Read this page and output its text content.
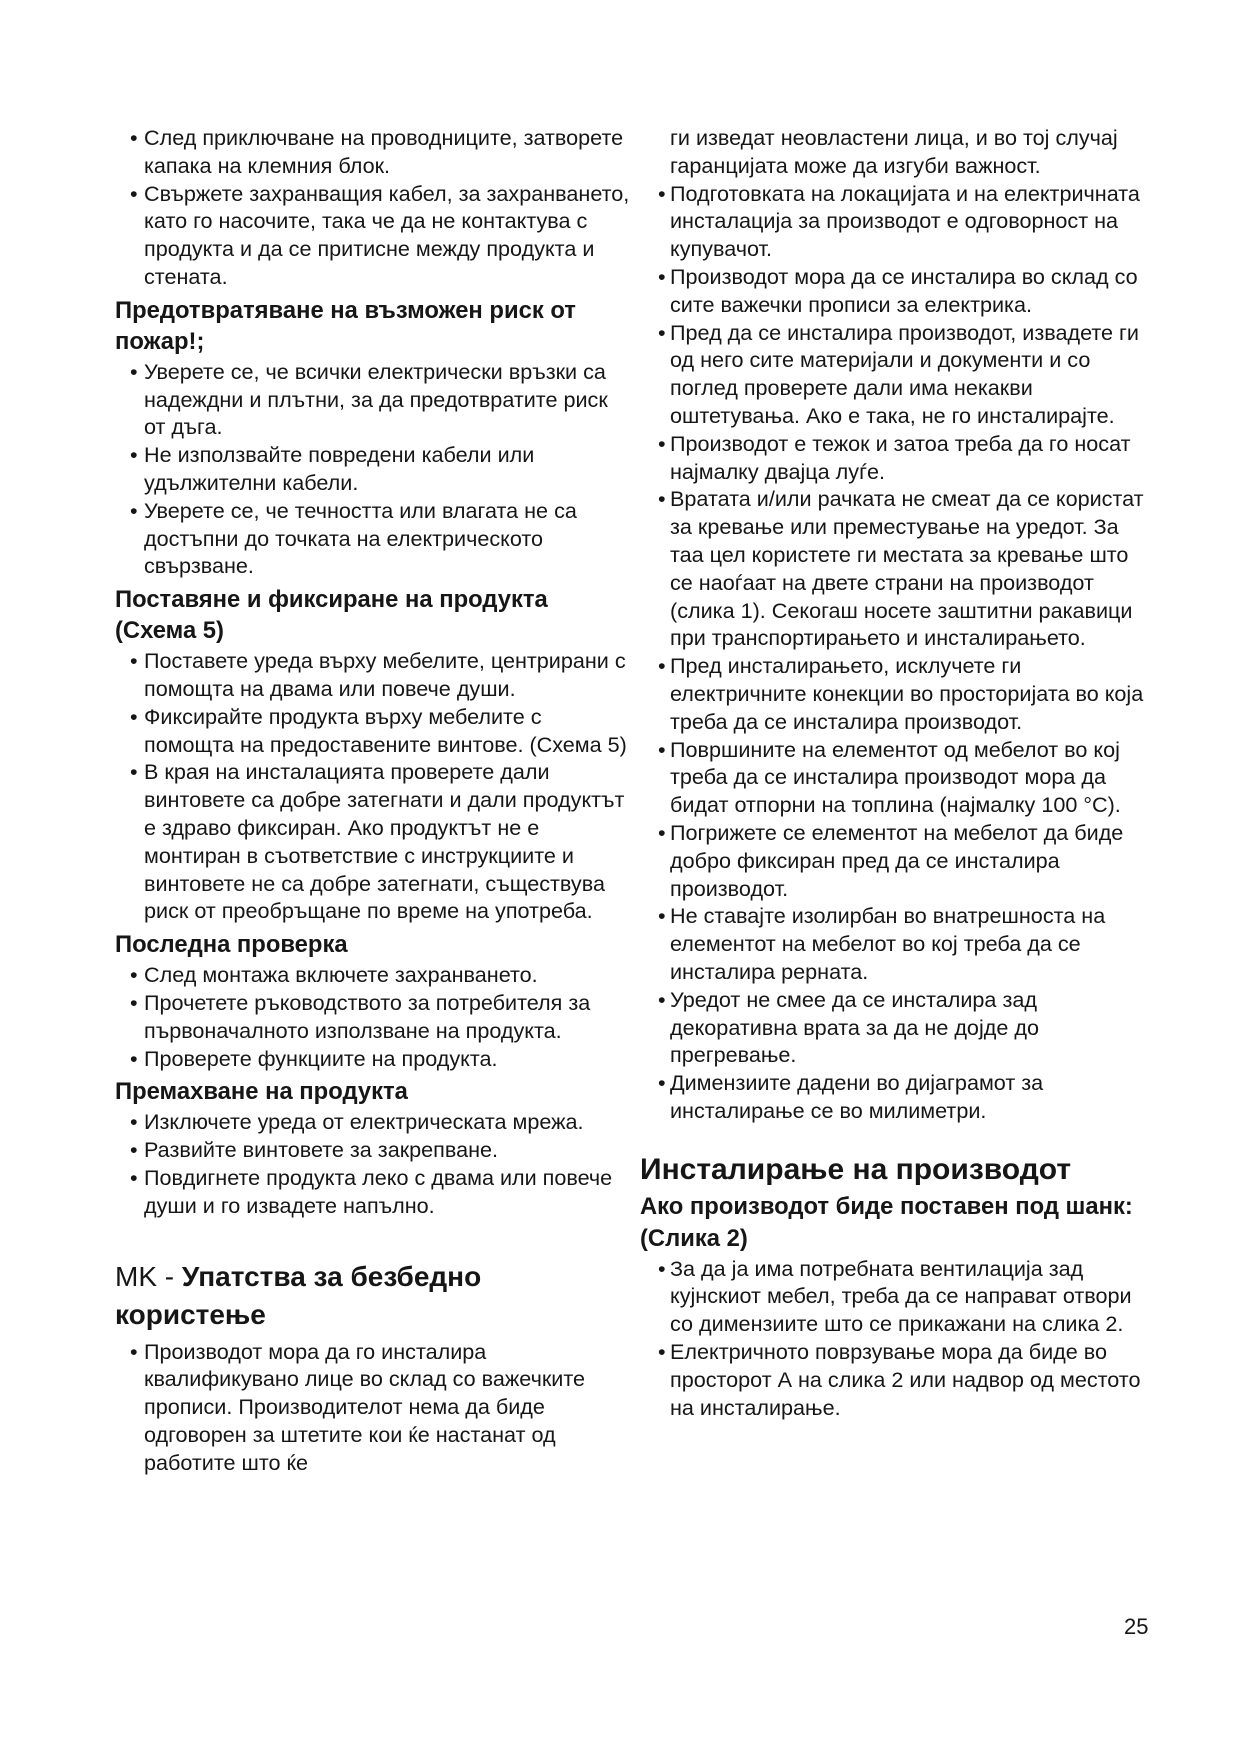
• След приключване на проводниците, затворете капака на клемния блок.
• Свържете захранващия кабел, за захранването, като го насочите, така че да не контактува с продукта и да се притисне между продукта и стената.
Предотвратяване на възможен риск от пожар!;
• Уверете се, че всички електрически връзки са надеждни и плътни, за да предотвратите риск от дъга.
• Не използвайте повредени кабели или удължителни кабели.
• Уверете се, че течността или влагата не са достъпни до точката на електрическото свързване.
Поставяне и фиксиране на продукта (Схема 5)
• Поставете уреда върху мебелите, центрирани с помощта на двама или повече души.
• Фиксирайте продукта върху мебелите с помощта на предоставените винтове. (Схема 5)
• В края на инсталацията проверете дали винтовете са добре затегнати и дали продуктът е здраво фиксиран. Ако продуктът не е монтиран в съответствие с инструкциите и винтовете не са добре затегнати, съществува риск от преобръщане по време на употреба.
Последна проверка
• След монтажа включете захранването.
• Прочетете ръководството за потребителя за първоначалното използване на продукта.
• Проверете функциите на продукта.
Премахване на продукта
• Изключете уреда от електрическата мрежа.
• Развийте винтовете за закрепване.
• Повдигнете продукта леко с двама или повече души и го извадете напълно.
MK - Упатства за безбедно користење
• Производот мора да го инсталира квалификувано лице во склад со важечките прописи. Производителот нема да биде одговорен за штетите кои ќе настанат од работите што ќе
ги изведат неовластени лица, и во тој случај гаранцијата може да изгуби важност.
• Подготовката на локацијата и на електричната инсталација за производот е одговорност на купувачот.
• Производот мора да се инсталира во склад со сите важечки прописи за електрика.
• Пред да се инсталира производот, извадете ги од него сите материјали и документи и со поглед проверете дали има некакви оштетувања. Ако е така, не го инсталирајте.
• Производот е тежок и затоа треба да го носат најмалку двајца луѓе.
• Вратата и/или рачката не смеат да се користат за кревање или преместување на уредот. За таа цел користете ги местата за кревање што се наоѓаат на двете страни на производот (слика 1). Секогаш носете заштитни ракавици при транспортирањето и инсталирањето.
• Пред инсталирањето, исклучете ги електричните конекции во просторијата во која треба да се инсталира производот.
• Површините на елементот од мебелот во кој треба да се инсталира производот мора да бидат отпорни на топлина (најмалку 100 °C).
• Погрижете се елементот на мебелот да биде добро фиксиран пред да се инсталира производот.
• Не ставајте изолирбан во внатрешноста на елементот на мебелот во кој треба да се инсталира рерната.
• Уредот не смее да се инсталира зад декоративна врата за да не дојде до прегревање.
• Димензиите дадени во дијаграмот за инсталирање се во милиметри.
Инсталирање на производот
Ако производот биде поставен под шанк: (Слика 2)
• За да ја има потребната вентилација зад кујнскиот мебел, треба да се направат отвори со димензиите што се прикажани на слика 2.
• Електричното поврзување мора да биде во просторот А на слика 2 или надвор од местото на инсталирање.
25
